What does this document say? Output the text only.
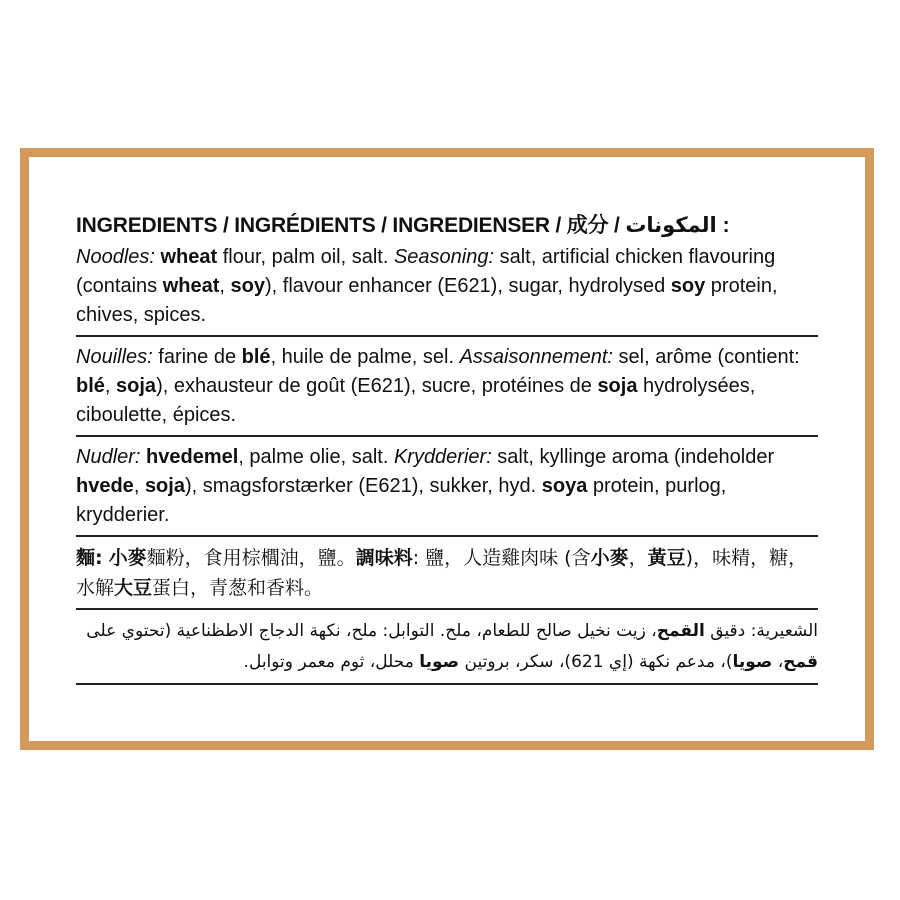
INGREDIENTS / INGRÉDIENTS / INGREDIENSER / 成分 / المكونات :
Noodles: wheat flour, palm oil, salt. Seasoning: salt, artificial chicken flavouring (contains wheat, soy), flavour enhancer (E621), sugar, hydrolysed soy protein, chives, spices.
Nouilles: farine de blé, huile de palme, sel. Assaisonnement: sel, arôme (contient: blé, soja), exhausteur de goût (E621), sucre, protéines de soja hydrolysées, ciboulette, épices.
Nudler: hvedemel, palme olie, salt. Krydderier: salt, kyllinge aroma (indeholder hvede, soja), smagsforstærker (E621), sukker, hyd. soya protein, purlog, krydderier.
麵: 小麥麵粉，食用棕櫚油，鹽。調味料: 鹽，人造雞肉味 (含小麥，黃豆)，味精，糖，水解大豆蛋白，青葱和香料。
الشعيرية: دقيق القمح، زيت نخيل صالح للطعام، ملح. التوابل: ملح، نكهة الدجاج الاطظناعية (تحتوي على قمح، صويا)، مدعم نكهة (إي 621)، سكر، بروتين صويا محلل، ثوم معمر وتوابل.
